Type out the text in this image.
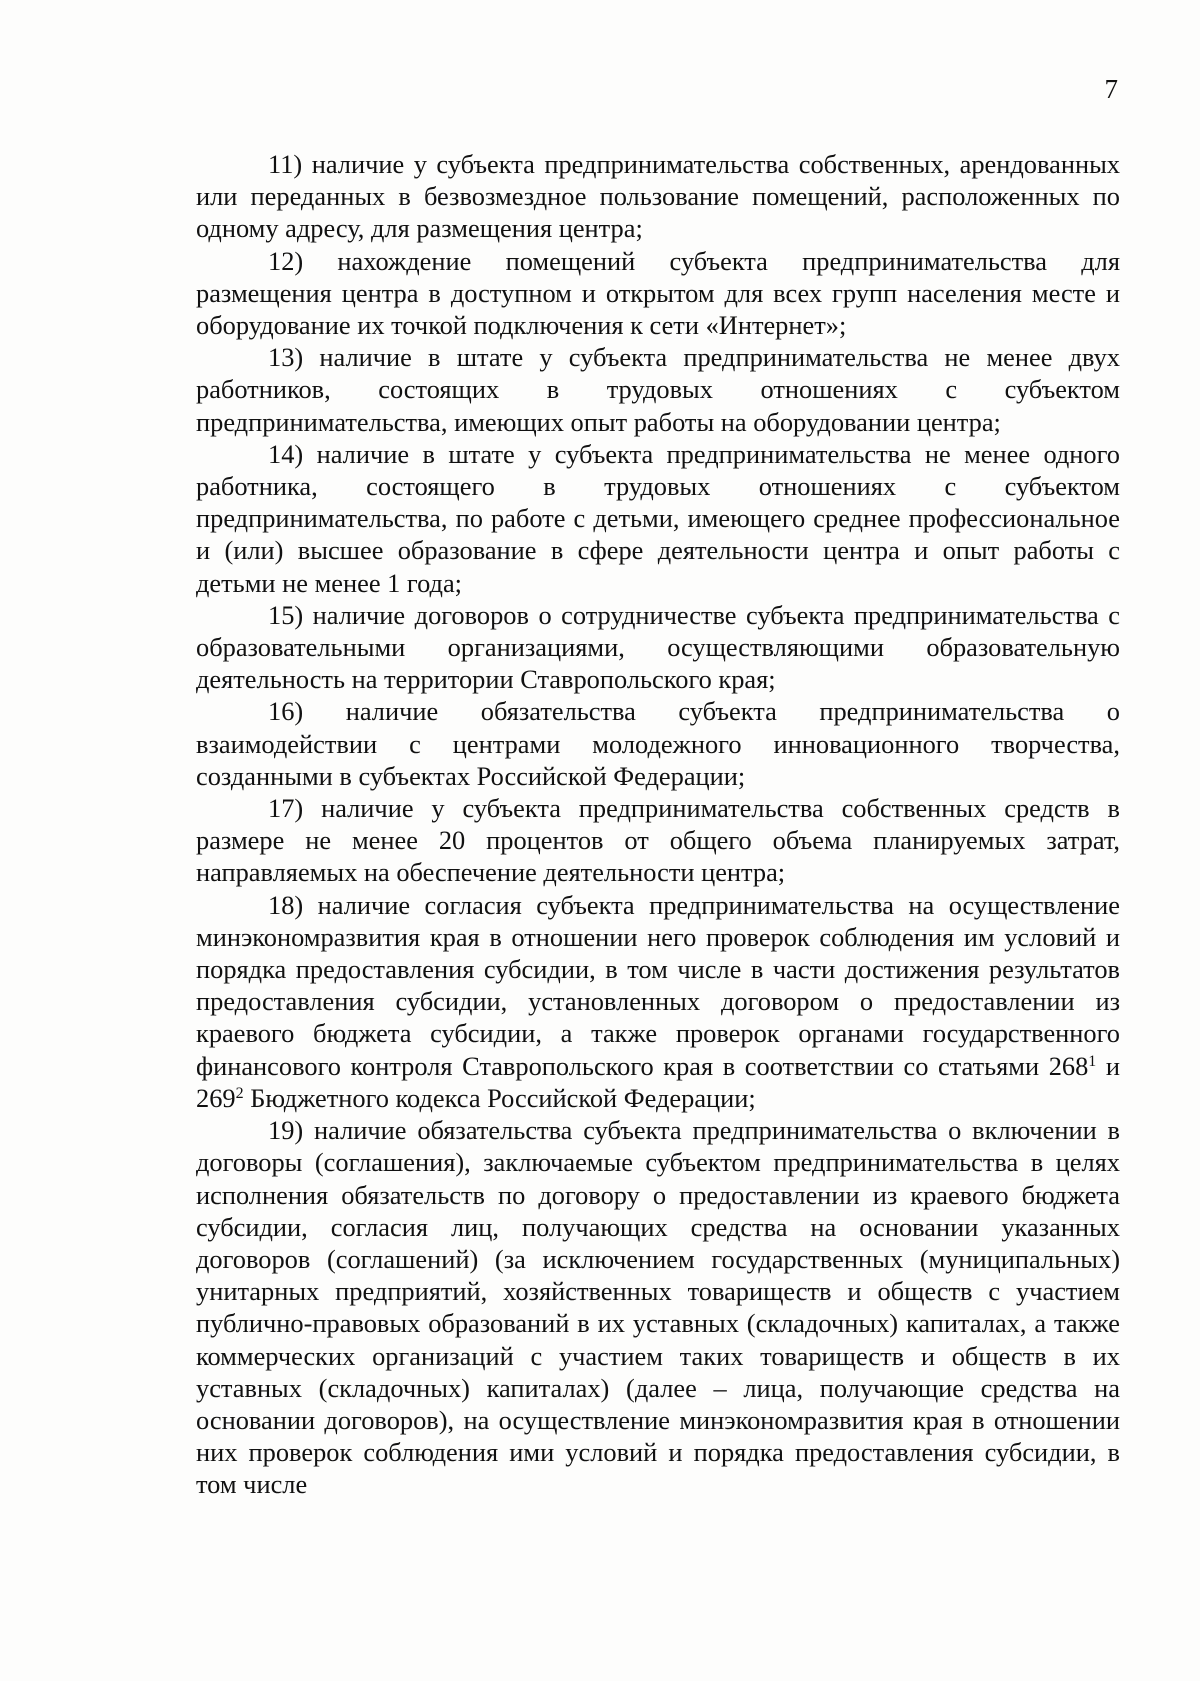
7

11) наличие у субъекта предпринимательства собственных, арендованных или переданных в безвозмездное пользование помещений, расположенных по одному адресу, для размещения центра;

12) нахождение помещений субъекта предпринимательства для размещения центра в доступном и открытом для всех групп населения месте и оборудование их точкой подключения к сети «Интернет»;

13) наличие в штате у субъекта предпринимательства не менее двух работников, состоящих в трудовых отношениях с субъектом предпринимательства, имеющих опыт работы на оборудовании центра;

14) наличие в штате у субъекта предпринимательства не менее одного работника, состоящего в трудовых отношениях с субъектом предпринимательства, по работе с детьми, имеющего среднее профессиональное и (или) высшее образование в сфере деятельности центра и опыт работы с детьми не менее 1 года;

15) наличие договоров о сотрудничестве субъекта предпринимательства с образовательными организациями, осуществляющими образовательную деятельность на территории Ставропольского края;

16) наличие обязательства субъекта предпринимательства о взаимодействии с центрами молодежного инновационного творчества, созданными в субъектах Российской Федерации;

17) наличие у субъекта предпринимательства собственных средств в размере не менее 20 процентов от общего объема планируемых затрат, направляемых на обеспечение деятельности центра;

18) наличие согласия субъекта предпринимательства на осуществление минэкономразвития края в отношении него проверок соблюдения им условий и порядка предоставления субсидии, в том числе в части достижения результатов предоставления субсидии, установленных договором о предоставлении из краевого бюджета субсидии, а также проверок органами государственного финансового контроля Ставропольского края в соответствии со статьями $268^1$ и $269^2$ Бюджетного кодекса Российской Федерации;

19) наличие обязательства субъекта предпринимательства о включении в договоры (соглашения), заключаемые субъектом предпринимательства в целях исполнения обязательств по договору о предоставлении из краевого бюджета субсидии, согласия лиц, получающих средства на основании указанных договоров (соглашений) (за исключением государственных (муниципальных) унитарных предприятий, хозяйственных товариществ и обществ с участием публично-правовых образований в их уставных (складочных) капиталах, а также коммерческих организаций с участием таких товариществ и обществ в их уставных (складочных) капиталах) (далее – лица, получающие средства на основании договоров), на осуществление минэкономразвития края в отношении них проверок соблюдения ими условий и порядка предоставления субсидии, в том числе
